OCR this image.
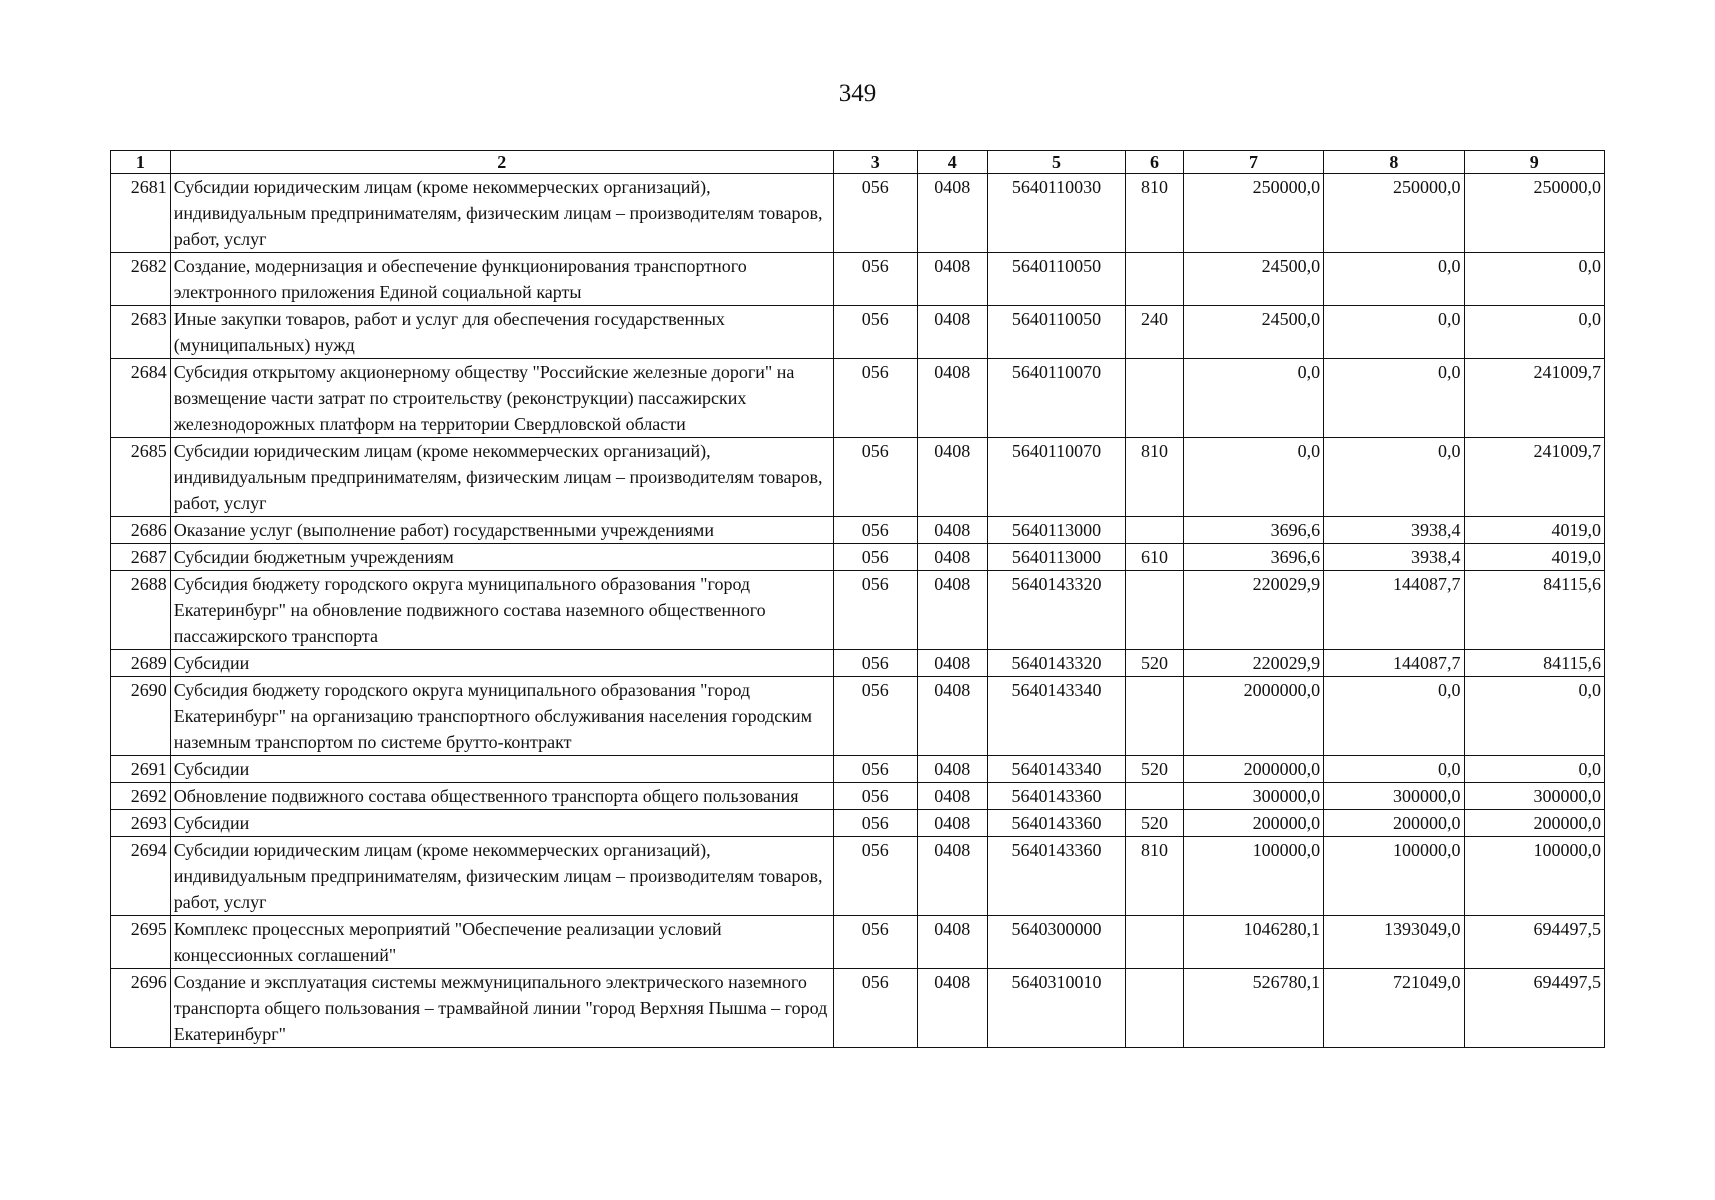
349
1	2	3	4	5	6	7	8	9
2681	Субсидии юридическим лицам (кроме некоммерческих организаций), индивидуальным предпринимателям, физическим лицам – производителям товаров, работ, услуг	056	0408	5640110030	810	250000,0	250000,0	250000,0
2682	Создание, модернизация и обеспечение функционирования транспортного электронного приложения Единой социальной карты	056	0408	5640110050		24500,0	0,0	0,0
2683	Иные закупки товаров, работ и услуг для обеспечения государственных (муниципальных) нужд	056	0408	5640110050	240	24500,0	0,0	0,0
2684	Субсидия открытому акционерному обществу "Российские железные дороги" на возмещение части затрат по строительству (реконструкции) пассажирских железнодорожных платформ на территории Свердловской области	056	0408	5640110070		0,0	0,0	241009,7
2685	Субсидии юридическим лицам (кроме некоммерческих организаций), индивидуальным предпринимателям, физическим лицам – производителям товаров, работ, услуг	056	0408	5640110070	810	0,0	0,0	241009,7
2686	Оказание услуг (выполнение работ) государственными учреждениями	056	0408	5640113000		3696,6	3938,4	4019,0
2687	Субсидии бюджетным учреждениям	056	0408	5640113000	610	3696,6	3938,4	4019,0
2688	Субсидия бюджету городского округа муниципального образования "город Екатеринбург" на обновление подвижного состава наземного общественного пассажирского транспорта	056	0408	5640143320		220029,9	144087,7	84115,6
2689	Субсидии	056	0408	5640143320	520	220029,9	144087,7	84115,6
2690	Субсидия бюджету городского округа муниципального образования "город Екатеринбург" на организацию транспортного обслуживания населения городским наземным транспортом по системе брутто-контракт	056	0408	5640143340		2000000,0	0,0	0,0
2691	Субсидии	056	0408	5640143340	520	2000000,0	0,0	0,0
2692	Обновление подвижного состава общественного транспорта общего пользования	056	0408	5640143360		300000,0	300000,0	300000,0
2693	Субсидии	056	0408	5640143360	520	200000,0	200000,0	200000,0
2694	Субсидии юридическим лицам (кроме некоммерческих организаций), индивидуальным предпринимателям, физическим лицам – производителям товаров, работ, услуг	056	0408	5640143360	810	100000,0	100000,0	100000,0
2695	Комплекс процессных мероприятий "Обеспечение реализации условий концессионных соглашений"	056	0408	5640300000		1046280,1	1393049,0	694497,5
2696	Создание и эксплуатация системы межмуниципального электрического наземного транспорта общего пользования – трамвайной линии "город Верхняя Пышма – город Екатеринбург"	056	0408	5640310010		526780,1	721049,0	694497,5
